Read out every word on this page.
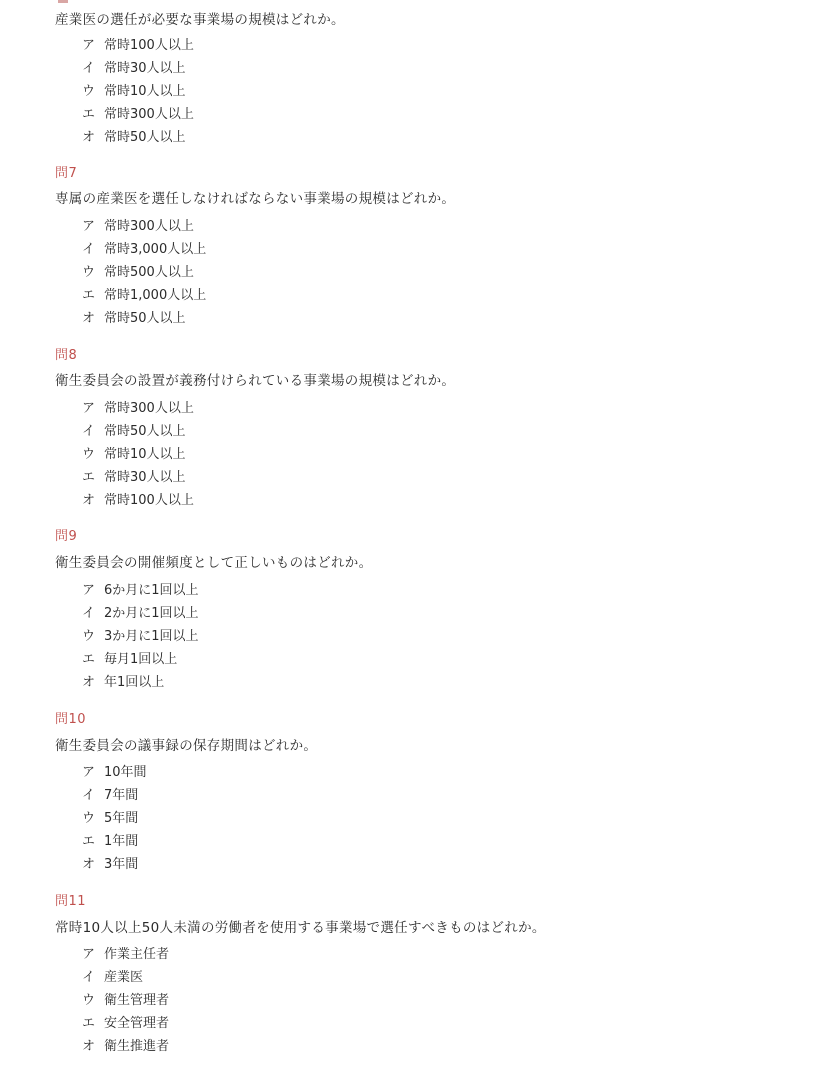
産業医の選任が必要な事業場の規模はどれか。
ア 常時100人以上
イ 常時30人以上
ウ 常時10人以上
エ 常時300人以上
オ 常時50人以上
問7
専属の産業医を選任しなければならない事業場の規模はどれか。
ア 常時300人以上
イ 常時3,000人以上
ウ 常時500人以上
エ 常時1,000人以上
オ 常時50人以上
問8
衛生委員会の設置が義務付けられている事業場の規模はどれか。
ア 常時300人以上
イ 常時50人以上
ウ 常時10人以上
エ 常時30人以上
オ 常時100人以上
問9
衛生委員会の開催頻度として正しいものはどれか。
ア 6か月に1回以上
イ 2か月に1回以上
ウ 3か月に1回以上
エ 毎月1回以上
オ 年1回以上
問10
衛生委員会の議事録の保存期間はどれか。
ア 10年間
イ 7年間
ウ 5年間
エ 1年間
オ 3年間
問11
常時10人以上50人未満の労働者を使用する事業場で選任すべきものはどれか。
ア 作業主任者
イ 産業医
ウ 衛生管理者
エ 安全管理者
オ 衛生推進者
